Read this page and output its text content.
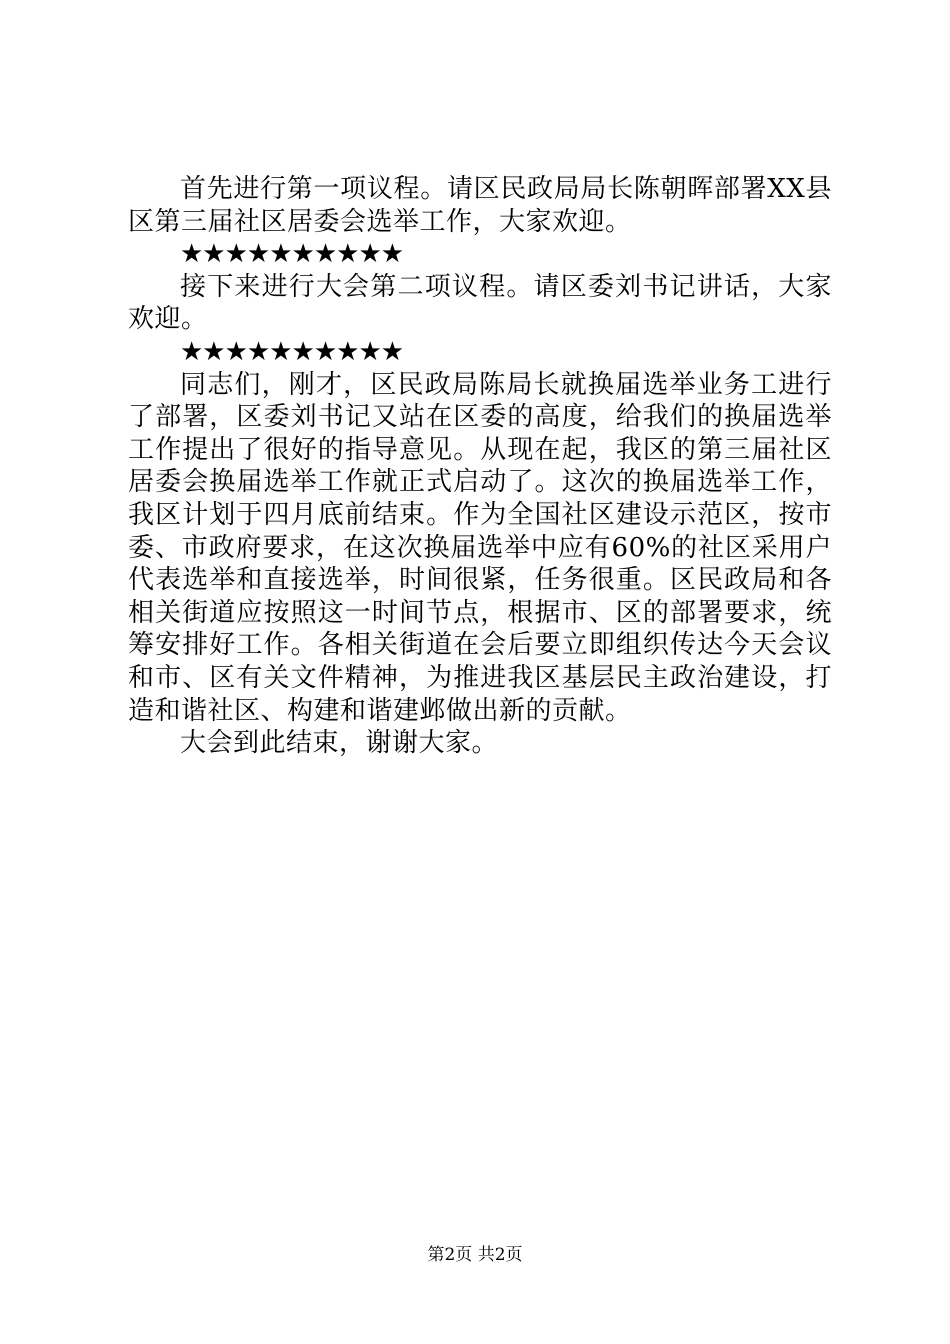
首先进行第一项议程。请区民政局局长陈朝晖部署XX县区第三届社区居委会选举工作，大家欢迎。

★★★★★★★★★★

接下来进行大会第二项议程。请区委刘书记讲话，大家欢迎。

★★★★★★★★★★

同志们，刚才，区民政局陈局长就换届选举业务工进行了部署，区委刘书记又站在区委的高度，给我们的换届选举工作提出了很好的指导意见。从现在起，我区的第三届社区居委会换届选举工作就正式启动了。这次的换届选举工作，我区计划于四月底前结束。作为全国社区建设示范区，按市委、市政府要求，在这次换届选举中应有60%的社区采用户代表选举和直接选举，时间很紧，任务很重。区民政局和各相关街道应按照这一时间节点，根据市、区的部署要求，统筹安排好工作。各相关街道在会后要立即组织传达今天会议和市、区有关文件精神，为推进我区基层民主政治建设，打造和谐社区、构建和谐建邺做出新的贡献。

大会到此结束，谢谢大家。

第2页 共2页
